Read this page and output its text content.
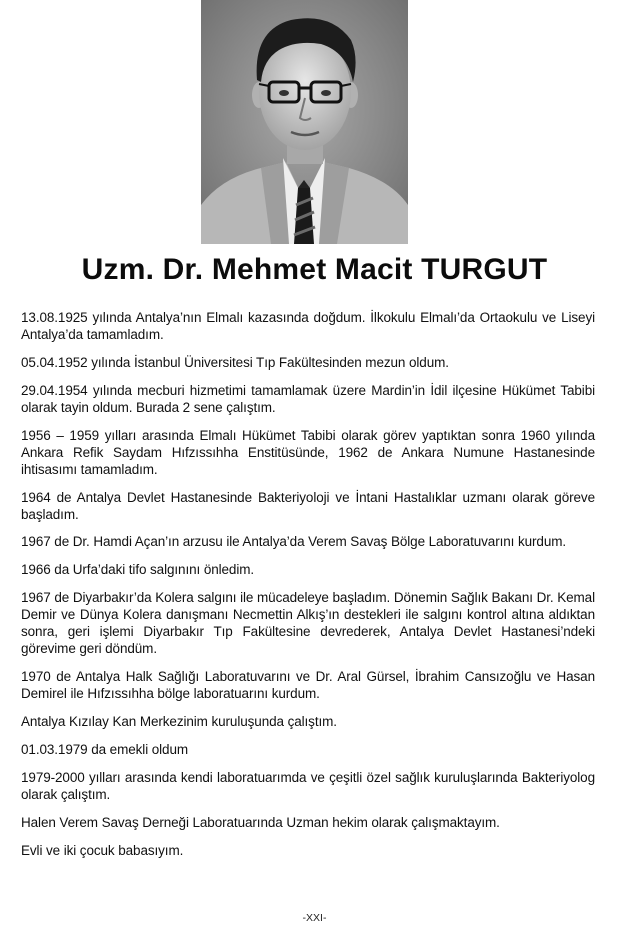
Uzm. Dr. Mehmet Macit TURGUT

13.08.1925 yılında Antalya’nın Elmalı kazasında doğdum. İlkokulu Elmalı’da Ortaokulu ve Liseyi Antalya’da tamamladım.

05.04.1952 yılında İstanbul Üniversitesi Tıp Fakültesinden mezun oldum.

29.04.1954 yılında mecburi hizmetimi tamamlamak üzere Mardin’in İdil ilçesine Hükümet Tabibi olarak tayin oldum. Burada 2 sene çalıştım.

1956 – 1959 yılları arasında Elmalı Hükümet Tabibi olarak görev yaptıktan sonra 1960 yılında Ankara Refik Saydam Hıfzıssıhha Enstitüsünde, 1962 de Ankara Numune Hastanesinde ihtisasımı tamamladım.

1964 de Antalya Devlet Hastanesinde Bakteriyoloji ve İntani Hastalıklar uzmanı olarak göreve başladım.

1967 de Dr. Hamdi Açan’ın arzusu ile Antalya’da Verem Savaş Bölge Laboratuvarını kurdum.

1966 da Urfa’daki tifo salgınını önledim.

1967 de Diyarbakır’da Kolera salgını ile mücadeleye başladım. Dönemin Sağlık Bakanı Dr. Kemal Demir ve Dünya Kolera danışmanı Necmettin Alkış’ın destekleri ile salgını kontrol altına aldıktan sonra, geri işlemi Diyarbakır Tıp Fakültesine devrederek, Antalya Devlet Hastanesi’ndeki görevime geri döndüm.

1970 de Antalya Halk Sağlığı Laboratuvarını ve Dr. Aral Gürsel, İbrahim Cansızoğlu ve Hasan Demirel ile Hıfzıssıhha bölge laboratuarını kurdum.

Antalya Kızılay Kan Merkezinim kuruluşunda çalıştım.

01.03.1979 da emekli oldum

1979-2000 yılları arasında kendi laboratuarımda ve çeşitli özel sağlık kuruluşlarında Bakteriyolog olarak çalıştım.

Halen Verem Savaş Derneği Laboratuarında Uzman hekim olarak çalışmaktayım.

Evli ve iki çocuk babasıyım.

-XXI-
